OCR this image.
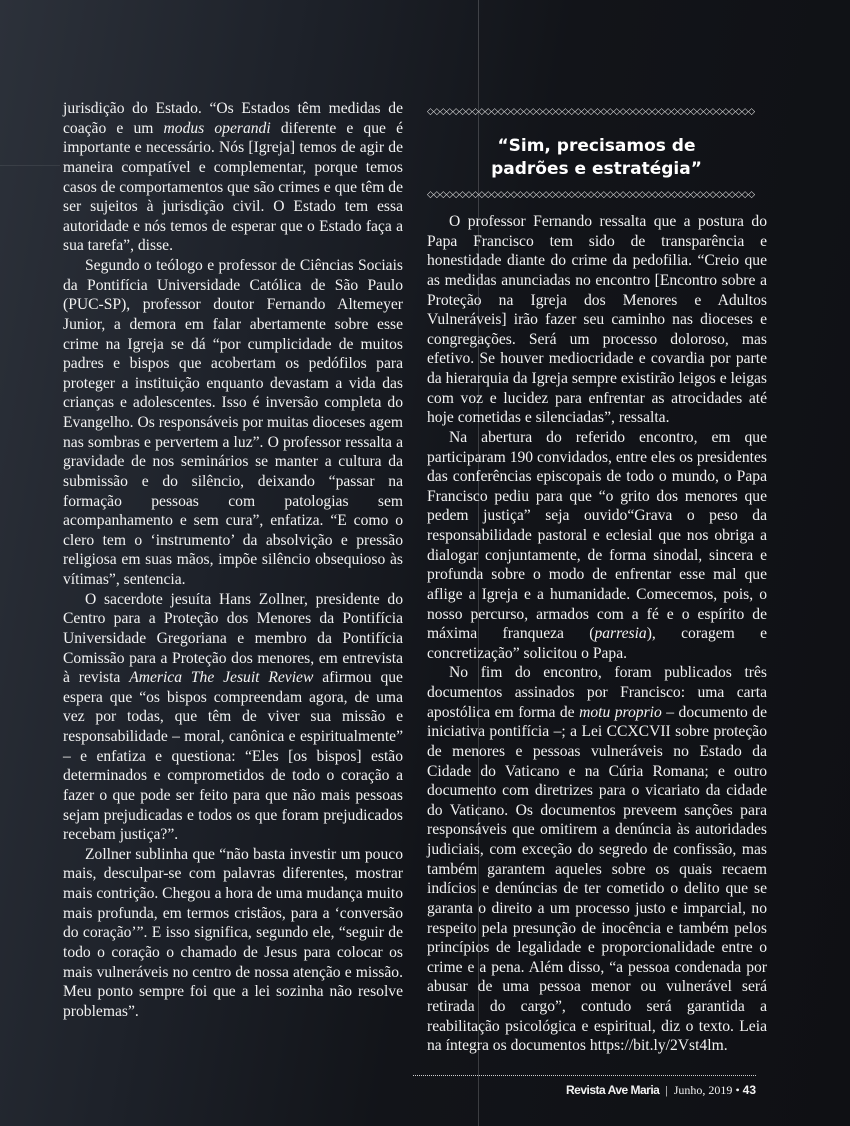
jurisdição do Estado. “Os Estados têm medidas de coação e um modus operandi diferente e que é importante e necessário. Nós [Igreja] temos de agir de maneira compatível e complementar, porque temos casos de comportamentos que são crimes e que têm de ser sujeitos à jurisdição civil. O Estado tem essa autoridade e nós temos de esperar que o Estado faça a sua tarefa”, disse.

Segundo o teólogo e professor de Ciências Sociais da Pontifícia Universidade Católica de São Paulo (PUC-SP), professor doutor Fernando Altemeyer Junior, a demora em falar abertamente sobre esse crime na Igreja se dá “por cumplicidade de muitos padres e bispos que acobertam os pedófilos para proteger a instituição enquanto devastam a vida das crianças e adolescentes. Isso é inversão completa do Evangelho. Os responsáveis por muitas dioceses agem nas sombras e pervertem a luz”. O professor ressalta a gravidade de nos seminários se manter a cultura da submissão e do silêncio, deixando “passar na formação pessoas com patologias sem acompanhamento e sem cura”, enfatiza. “E como o clero tem o ‘instrumento’ da absolvição e pressão religiosa em suas mãos, impõe silêncio obsequioso às vítimas”, sentencia.

O sacerdote jesuíta Hans Zollner, presidente do Centro para a Proteção dos Menores da Pontifícia Universidade Gregoriana e membro da Pontifícia Comissão para a Proteção dos menores, em entrevista à revista America The Jesuit Review afirmou que espera que “os bispos compreendam agora, de uma vez por todas, que têm de viver sua missão e responsabilidade – moral, canônica e espiritualmente” – e enfatiza e questiona: “Eles [os bispos] estão determinados e comprometidos de todo o coração a fazer o que pode ser feito para que não mais pessoas sejam prejudicadas e todos os que foram prejudicados recebam justiça?”.

Zollner sublinha que “não basta investir um pouco mais, desculpar-se com palavras diferentes, mostrar mais contrição. Chegou a hora de uma mudança muito mais profunda, em termos cristãos, para a ‘conversão do coração’”. E isso significa, segundo ele, “seguir de todo o coração o chamado de Jesus para colocar os mais vulneráveis no centro de nossa atenção e missão. Meu ponto sempre foi que a lei sozinha não resolve problemas”.

◇◇◇◇◇◇◇◇◇◇◇◇◇◇◇◇◇◇◇◇◇◇◇◇◇◇◇◇◇◇◇◇◇◇◇◇◇◇◇◇◇◇◇◇◇◇◇◇◇◇◇
“Sim, precisamos de
padrões e estratégia”
◇◇◇◇◇◇◇◇◇◇◇◇◇◇◇◇◇◇◇◇◇◇◇◇◇◇◇◇◇◇◇◇◇◇◇◇◇◇◇◇◇◇◇◇◇◇◇◇◇◇◇

O professor Fernando ressalta que a postura do Papa Francisco tem sido de transparência e honestidade diante do crime da pedofilia. “Creio que as medidas anunciadas no encontro [Encontro sobre a Proteção na Igreja dos Menores e Adultos Vulneráveis] irão fazer seu caminho nas dioceses e congregações. Será um processo doloroso, mas efetivo. Se houver mediocridade e covardia por parte da hierarquia da Igreja sempre existirão leigos e leigas com voz e lucidez para enfrentar as atrocidades até hoje cometidas e silenciadas”, ressalta.

Na abertura do referido encontro, em que participaram 190 convidados, entre eles os presidentes das conferências episcopais de todo o mundo, o Papa Francisco pediu para que “o grito dos menores que pedem justiça” seja ouvido“Grava o peso da responsabilidade pastoral e eclesial que nos obriga a dialogar conjuntamente, de forma sinodal, sincera e profunda sobre o modo de enfrentar esse mal que aflige a Igreja e a humanidade. Comecemos, pois, o nosso percurso, armados com a fé e o espírito de máxima franqueza (parresia), coragem e concretização” solicitou o Papa.

No fim do encontro, foram publicados três documentos assinados por Francisco: uma carta apostólica em forma de motu proprio – documento de iniciativa pontifícia –; a Lei CCXCVII sobre proteção de menores e pessoas vulneráveis no Estado da Cidade do Vaticano e na Cúria Romana; e outro documento com diretrizes para o vicariato da cidade do Vaticano. Os documentos preveem sanções para responsáveis que omitirem a denúncia às autoridades judiciais, com exceção do segredo de confissão, mas também garantem aqueles sobre os quais recaem indícios e denúncias de ter cometido o delito que se garanta o direito a um processo justo e imparcial, no respeito pela presunção de inocência e também pelos princípios de legalidade e proporcionalidade entre o crime e a pena. Além disso, “a pessoa condenada por abusar de uma pessoa menor ou vulnerável será retirada do cargo”, contudo será garantida a reabilitação psicológica e espiritual, diz o texto. Leia na íntegra os documentos https://bit.ly/2Vst4lm.

Revista Ave Maria | Junho, 2019 • 43
